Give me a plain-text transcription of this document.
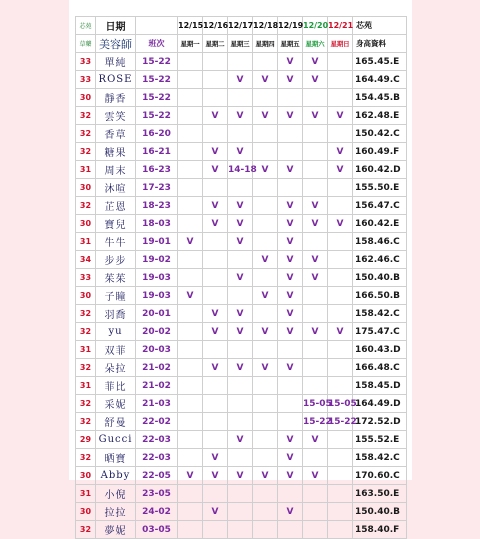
芯苑	日期		12/15	12/16	12/17	12/18	12/19	12/20	12/21	芯苑
草藥	美容師	班次	星期一	星期二	星期三	星期四	星期五	星期六	星期日	身高資料
33	單純	15-22					V	V		165.45.E
33	ROSE	15-22			V	V	V	V		164.49.C
30	靜香	15-22								154.45.B
32	雲笑	15-22		V	V	V	V	V	V	162.48.E
32	香草	16-20								150.42.C
32	糖果	16-21		V	V				V	160.49.F
31	周末	16-23		V	14-18	V	V		V	160.42.D
30	沐喧	17-23								155.50.E
32	芷恩	18-23		V	V		V	V		156.47.C
30	寶兒	18-03		V	V		V	V	V	160.42.E
31	牛牛	19-01	V		V		V			158.46.C
34	步步	19-02				V	V	V		162.46.C
33	茱茱	19-03			V		V	V		150.40.B
30	子瞳	19-03	V			V	V			166.50.B
32	羽喬	20-01		V	V		V			158.42.C
32	yu	20-02		V	V	V	V	V	V	175.47.C
31	双菲	20-03								160.43.D
32	朵拉	21-02		V	V	V	V			166.48.C
31	菲比	21-02								158.45.D
32	采妮	21-03						15-05	15-05	164.49.D
32	舒曼	22-02						15-22	15-22	172.52.D
29	Gucci	22-03			V		V	V		155.52.E
32	晒寶	22-03		V			V			158.42.C
30	Abby	22-05	V	V	V	V	V	V		170.60.C
31	小倪	23-05								163.50.E
30	拉拉	24-02		V			V			150.40.B
32	夢妮	03-05								158.40.F
